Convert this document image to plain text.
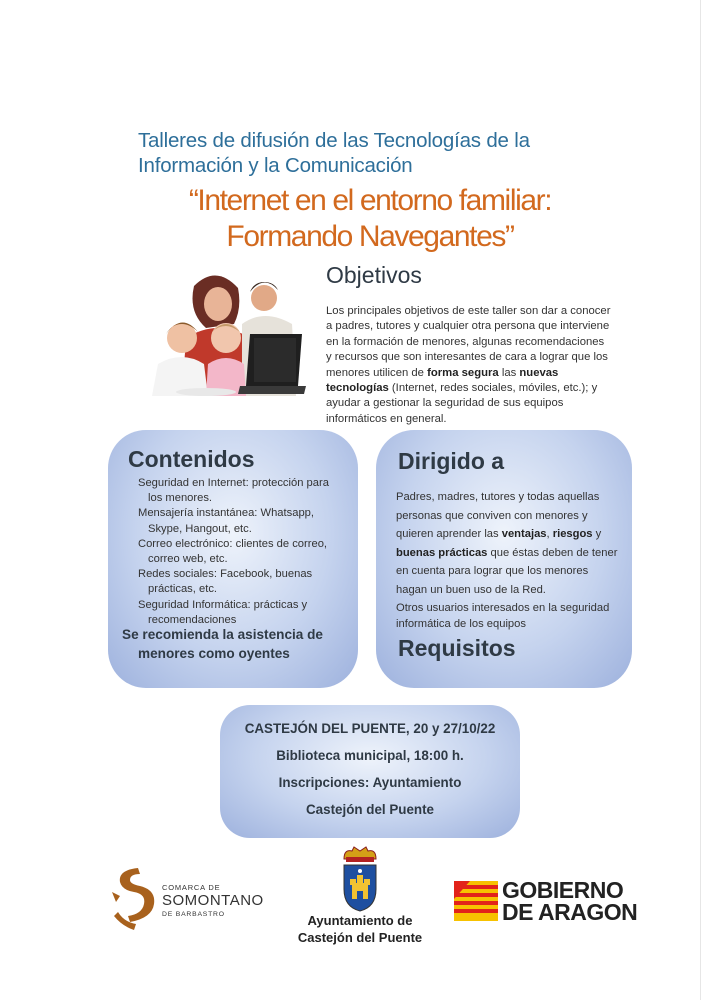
Talleres de difusión de las Tecnologías de la
Información y la Comunicación
“Internet en el entorno familiar:
Formando Navegantes”
Objetivos
Los principales objetivos de este taller son dar a conocer a padres, tutores y cualquier otra persona que interviene en la formación de menores, algunas recomendaciones y recursos que son interesantes de cara a lograr que los menores utilicen de forma segura las nuevas tecnologías (Internet, redes sociales, móviles, etc.); y ayudar a gestionar la seguridad de sus equipos informáticos en general.
Contenidos
Seguridad en Internet: protección para
los menores.
Mensajería instantánea: Whatsapp,
Skype, Hangout, etc.
Correo electrónico: clientes de correo,
correo web, etc.
Redes sociales: Facebook, buenas
prácticas, etc.
Seguridad Informática: prácticas y
recomendaciones
Se recomienda la asistencia de
menores como oyentes
Dirigido a
Padres, madres, tutores y todas aquellas personas que conviven con menores y quieren aprender las ventajas, riesgos y buenas prácticas que éstas deben de tener en cuenta para lograr que los menores hagan un buen uso de la Red.
Otros usuarios interesados en la seguridad informática de los equipos
Requisitos
CASTEJÓN DEL PUENTE, 20 y 27/10/22
Biblioteca municipal, 18:00 h.
Inscripciones: Ayuntamiento
Castejón del Puente
COMARCA DE
SOMONTANO
DE BARBASTRO	Ayuntamiento de
Castejón del Puente
GOBIERNO
DE ARAGON
